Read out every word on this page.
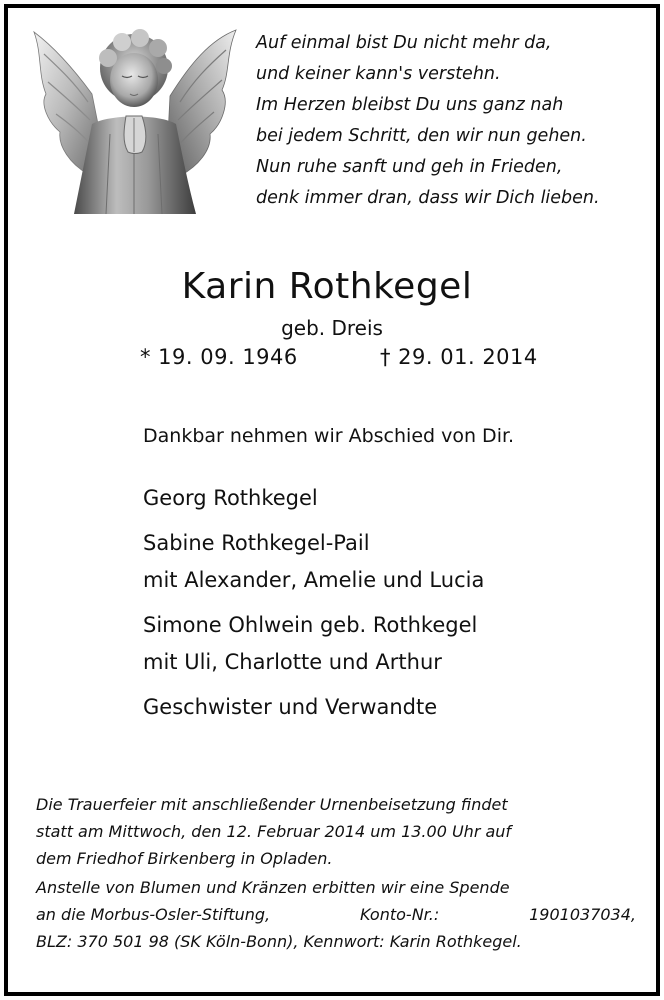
Auf einmal bist Du nicht mehr da,
und keiner kann's verstehn.
Im Herzen bleibst Du uns ganz nah
bei jedem Schritt, den wir nun gehen.
Nun ruhe sanft und geh in Frieden,
denk immer dran, dass wir Dich lieben.
Karin Rothkegel
geb. Dreis
* 19. 09. 1946	† 29. 01. 2014
Dankbar nehmen wir Abschied von Dir.
Georg Rothkegel
Sabine Rothkegel-Pail
mit Alexander, Amelie und Lucia
Simone Ohlwein geb. Rothkegel
mit Uli, Charlotte und Arthur
Geschwister und Verwandte
Die Trauerfeier mit anschließender Urnenbeisetzung findet
statt am Mittwoch, den 12. Februar 2014 um 13.00 Uhr auf
dem Friedhof Birkenberg in Opladen.
Anstelle von Blumen und Kränzen erbitten wir eine Spende
an die Morbus-Osler-Stiftung,	Konto-Nr.:	1901037034,
BLZ: 370 501 98 (SK Köln-Bonn), Kennwort: Karin Rothkegel.
